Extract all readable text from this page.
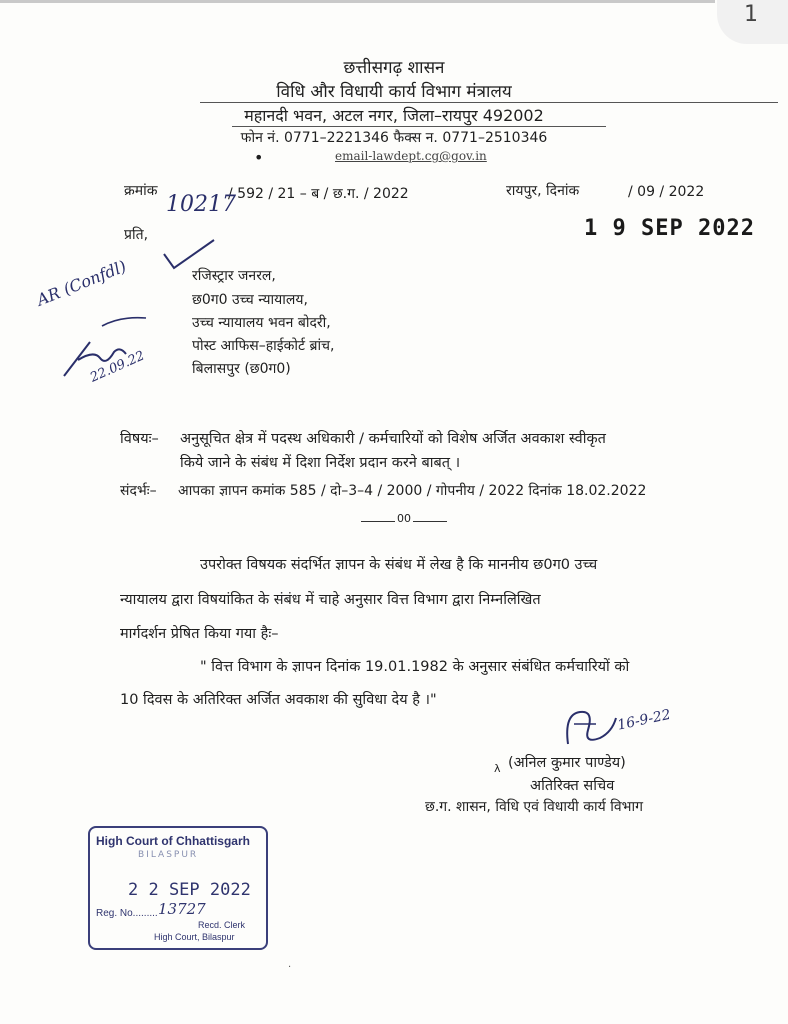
1
छत्तीसगढ़ शासन
विधि और विधायी कार्य विभाग मंत्रालय
महानदी भवन, अटल नगर, जिला–रायपुर 492002
फोन नं. 0771–2221346 फैक्स न. 0771–2510346
•	email-lawdept.cg@gov.in
क्रमांक	/ 592 / 21 – ब / छ.ग. / 2022	रायपुर, दिनांक	/ 09 / 2022
10217
1 9 SEP 2022
प्रति,
रजिस्ट्रार जनरल,
छ0ग0 उच्च न्यायालय,
उच्च न्यायालय भवन बोदरी,
पोस्ट आफिस–हाईकोर्ट ब्रांच,
बिलासपुर (छ0ग0)
AR (Confdl)
22.09.22
विषयः– अनुसूचित क्षेत्र में पदस्थ अधिकारी / कर्मचारियों को विशेष अर्जित अवकाश स्वीकृत
किये जाने के संबंध में दिशा निर्देश प्रदान करने बाबत् ।
संदर्भः– आपका ज्ञापन कमांक 585 / दो–3–4 / 2000 / गोपनीय / 2022 दिनांक 18.02.2022
00
उपरोक्त विषयक संदर्भित ज्ञापन के संबंध में लेख है कि माननीय छ0ग0 उच्च
न्यायालय द्वारा विषयांकित के संबंध में चाहे अनुसार वित्त विभाग द्वारा निम्नलिखित
मार्गदर्शन प्रेषित किया गया हैः–
" वित्त विभाग के ज्ञापन दिनांक 19.01.1982 के अनुसार संबंधित कर्मचारियों को
10 दिवस के अतिरिक्त अर्जित अवकाश की सुविधा देय है ।"
16-9-22
λ (अनिल कुमार पाण्डेय)
अतिरिक्त सचिव
छ.ग. शासन, विधि एवं विधायी कार्य विभाग
High Court of Chhattisgarh
BILASPUR
2 2 SEP 2022
Reg. No......... 13727
Recd. Clerk
High Court, Bilaspur
·
